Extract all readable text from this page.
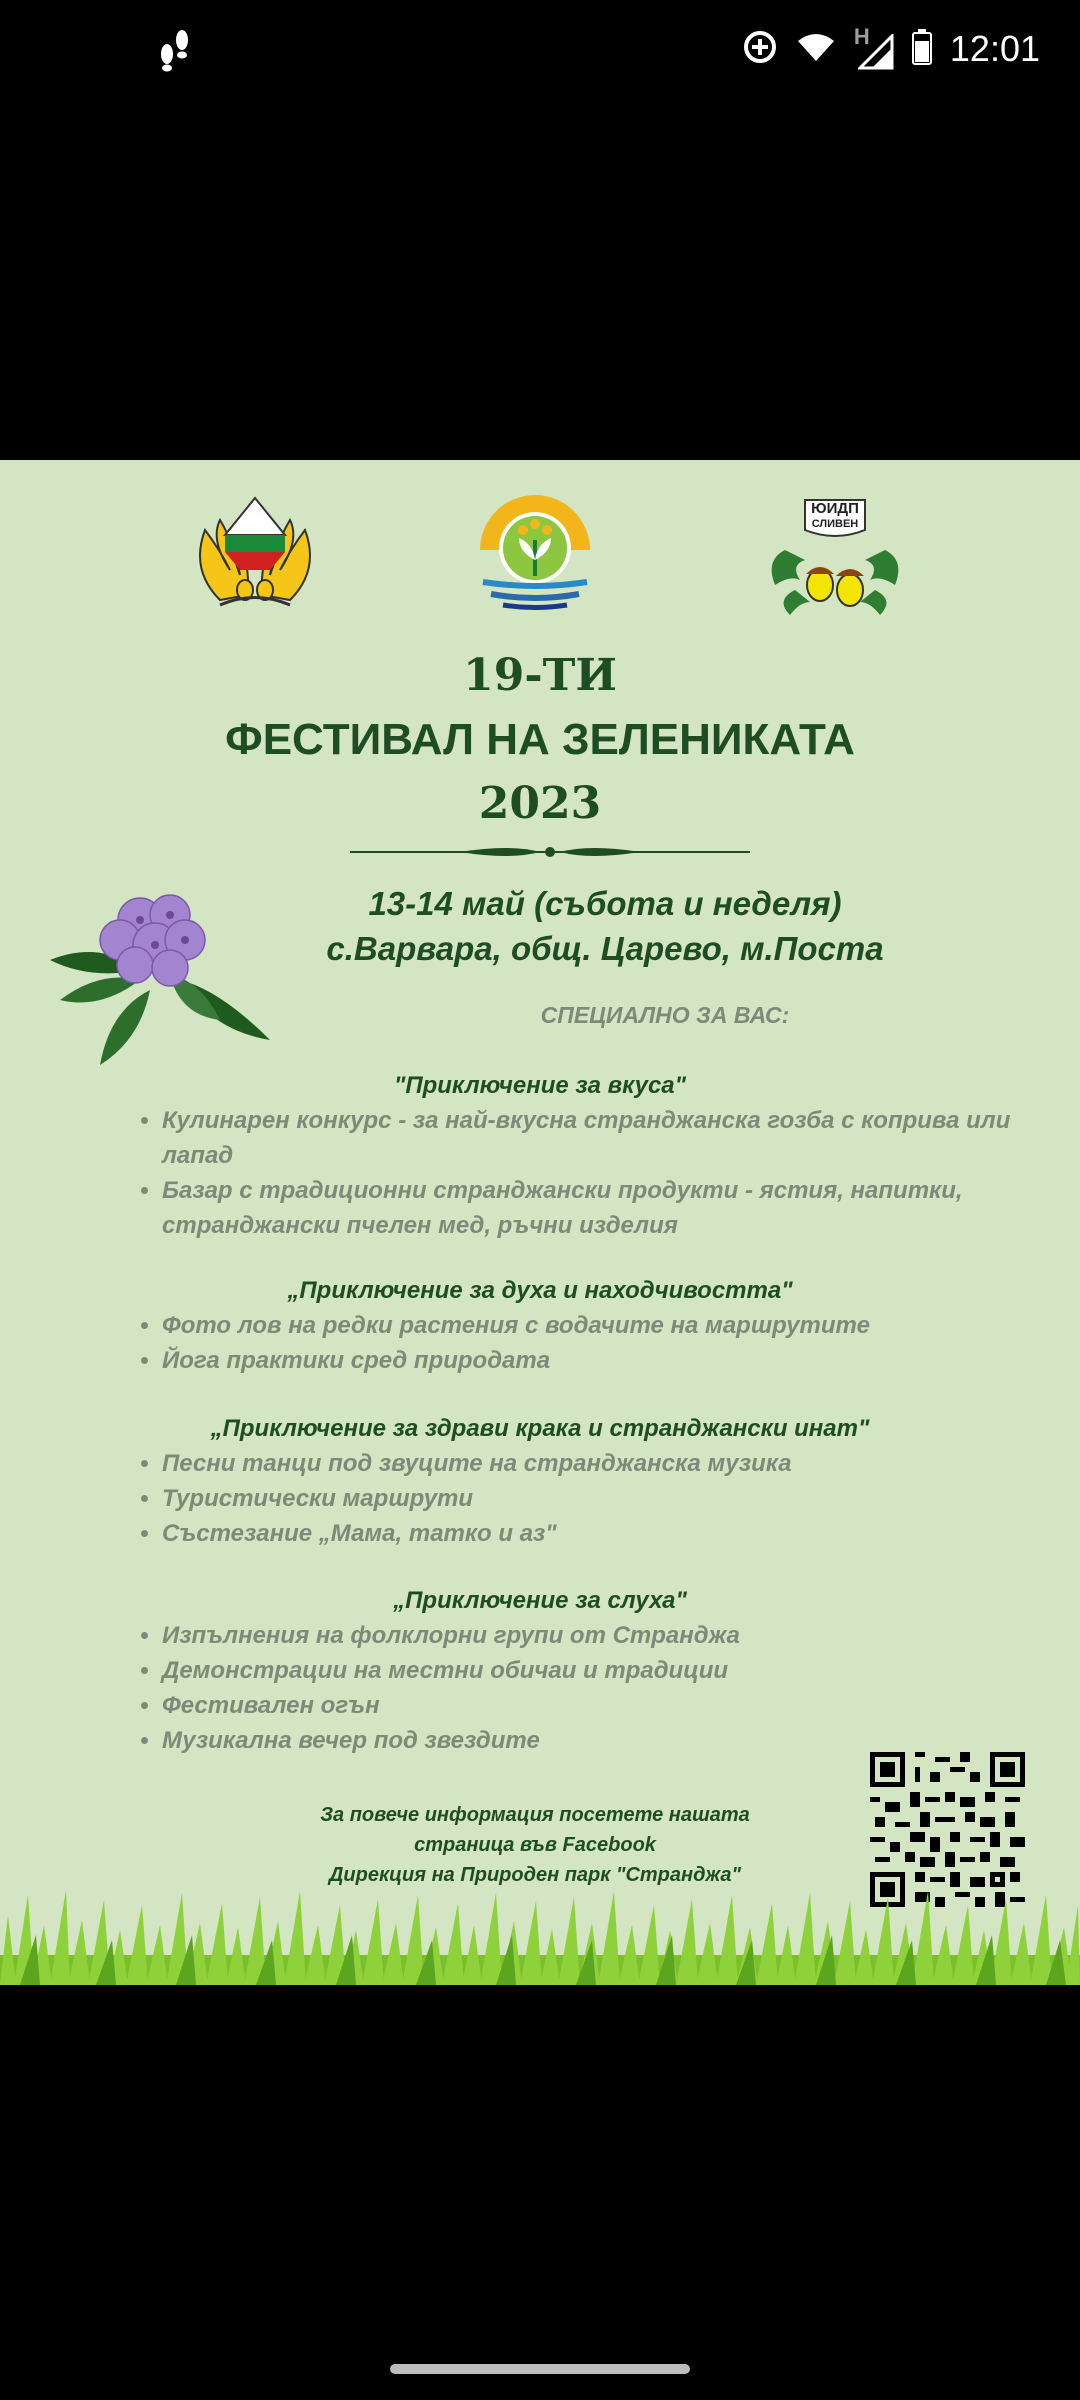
H 12:01
ЮИДП
СЛИВЕН
19-ТИ
ФЕСТИВАЛ НА ЗЕЛЕНИКАТА
2023
13-14 май (събота и неделя)
с.Варвара, общ. Царево, м.Поста
СПЕЦИАЛНО ЗА ВАС:
"Приключение за вкуса"
• Кулинарен конкурс - за най-вкусна странджанска гозба с коприва или лапад
• Базар с традиционни странджански продукти - ястия, напитки, странджански пчелен мед, ръчни изделия
„Приключение за духа и находчивостта"
• Фото лов на редки растения с водачите на маршрутите
• Йога практики сред природата
„Приключение за здрави крака и странджански инат"
• Песни танци под звуците на странджанска музика
• Туристически маршрути
• Състезание „Мама, татко и аз"
„Приключение за слуха"
• Изпълнения на фолклорни групи от Странджа
• Демонстрации на местни обичаи и традиции
• Фестивален огън
• Музикална вечер под звездите
За повече информация посетете нашата
страница във Facebook
Дирекция на Природен парк "Странджа"
